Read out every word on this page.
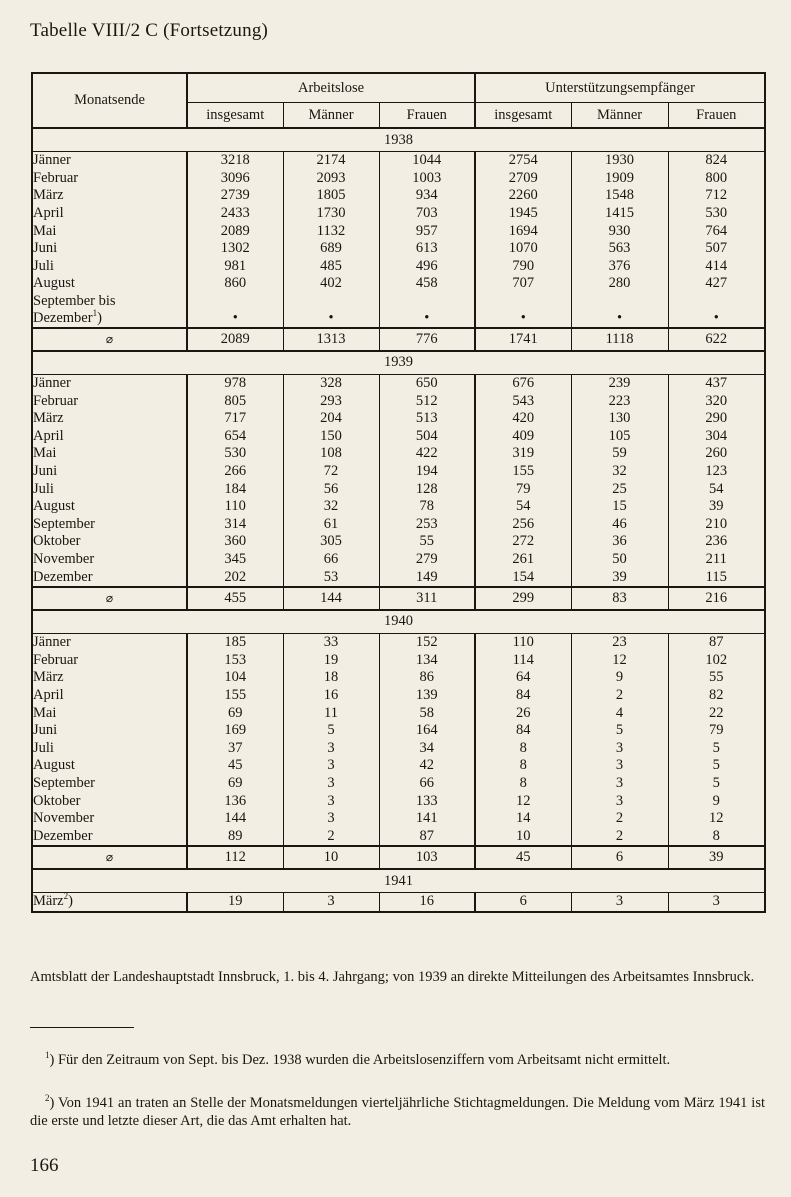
Tabelle VIII/2 C (Fortsetzung)
Monatsende	Arbeitslose			Unterstützungsempfänger		
	insgesamt	Männer	Frauen	insgesamt	Männer	Frauen
1938						
Jänner	3218	2174	1044	2754	1930	824
Februar	3096	2093	1003	2709	1909	800
März	2739	1805	934	2260	1548	712
April	2433	1730	703	1945	1415	530
Mai	2089	1132	957	1694	930	764
Juni	1302	689	613	1070	563	507
Juli	981	485	496	790	376	414
August	860	402	458	707	280	427
September bis
Dezember$^1$)	•	•	•	•	•	•
⌀	2089	1313	776	1741	1118	622
1939						
Jänner	978	328	650	676	239	437
Februar	805	293	512	543	223	320
März	717	204	513	420	130	290
April	654	150	504	409	105	304
Mai	530	108	422	319	59	260
Juni	266	72	194	155	32	123
Juli	184	56	128	79	25	54
August	110	32	78	54	15	39
September	314	61	253	256	46	210
Oktober	360	305	55	272	36	236
November	345	66	279	261	50	211
Dezember	202	53	149	154	39	115
⌀	455	144	311	299	83	216
1940						
Jänner	185	33	152	110	23	87
Februar	153	19	134	114	12	102
März	104	18	86	64	9	55
April	155	16	139	84	2	82
Mai	69	11	58	26	4	22
Juni	169	5	164	84	5	79
Juli	37	3	34	8	3	5
August	45	3	42	8	3	5
September	69	3	66	8	3	5
Oktober	136	3	133	12	3	9
November	144	3	141	14	2	12
Dezember	89	2	87	10	2	8
⌀	112	10	103	45	6	39
1941						
März$^2$)	19	3	16	6	3	3
Amtsblatt der Landeshauptstadt Innsbruck, 1. bis 4. Jahrgang; von 1939 an direkte Mitteilungen des Arbeitsamtes Innsbruck.
$^1$) Für den Zeitraum von Sept. bis Dez. 1938 wurden die Arbeitslosenziffern vom Arbeitsamt nicht ermittelt.
$^2$) Von 1941 an traten an Stelle der Monatsmeldungen vierteljährliche Stichtagmeldungen. Die Meldung vom März 1941 ist die erste und letzte dieser Art, die das Amt erhalten hat.
166
